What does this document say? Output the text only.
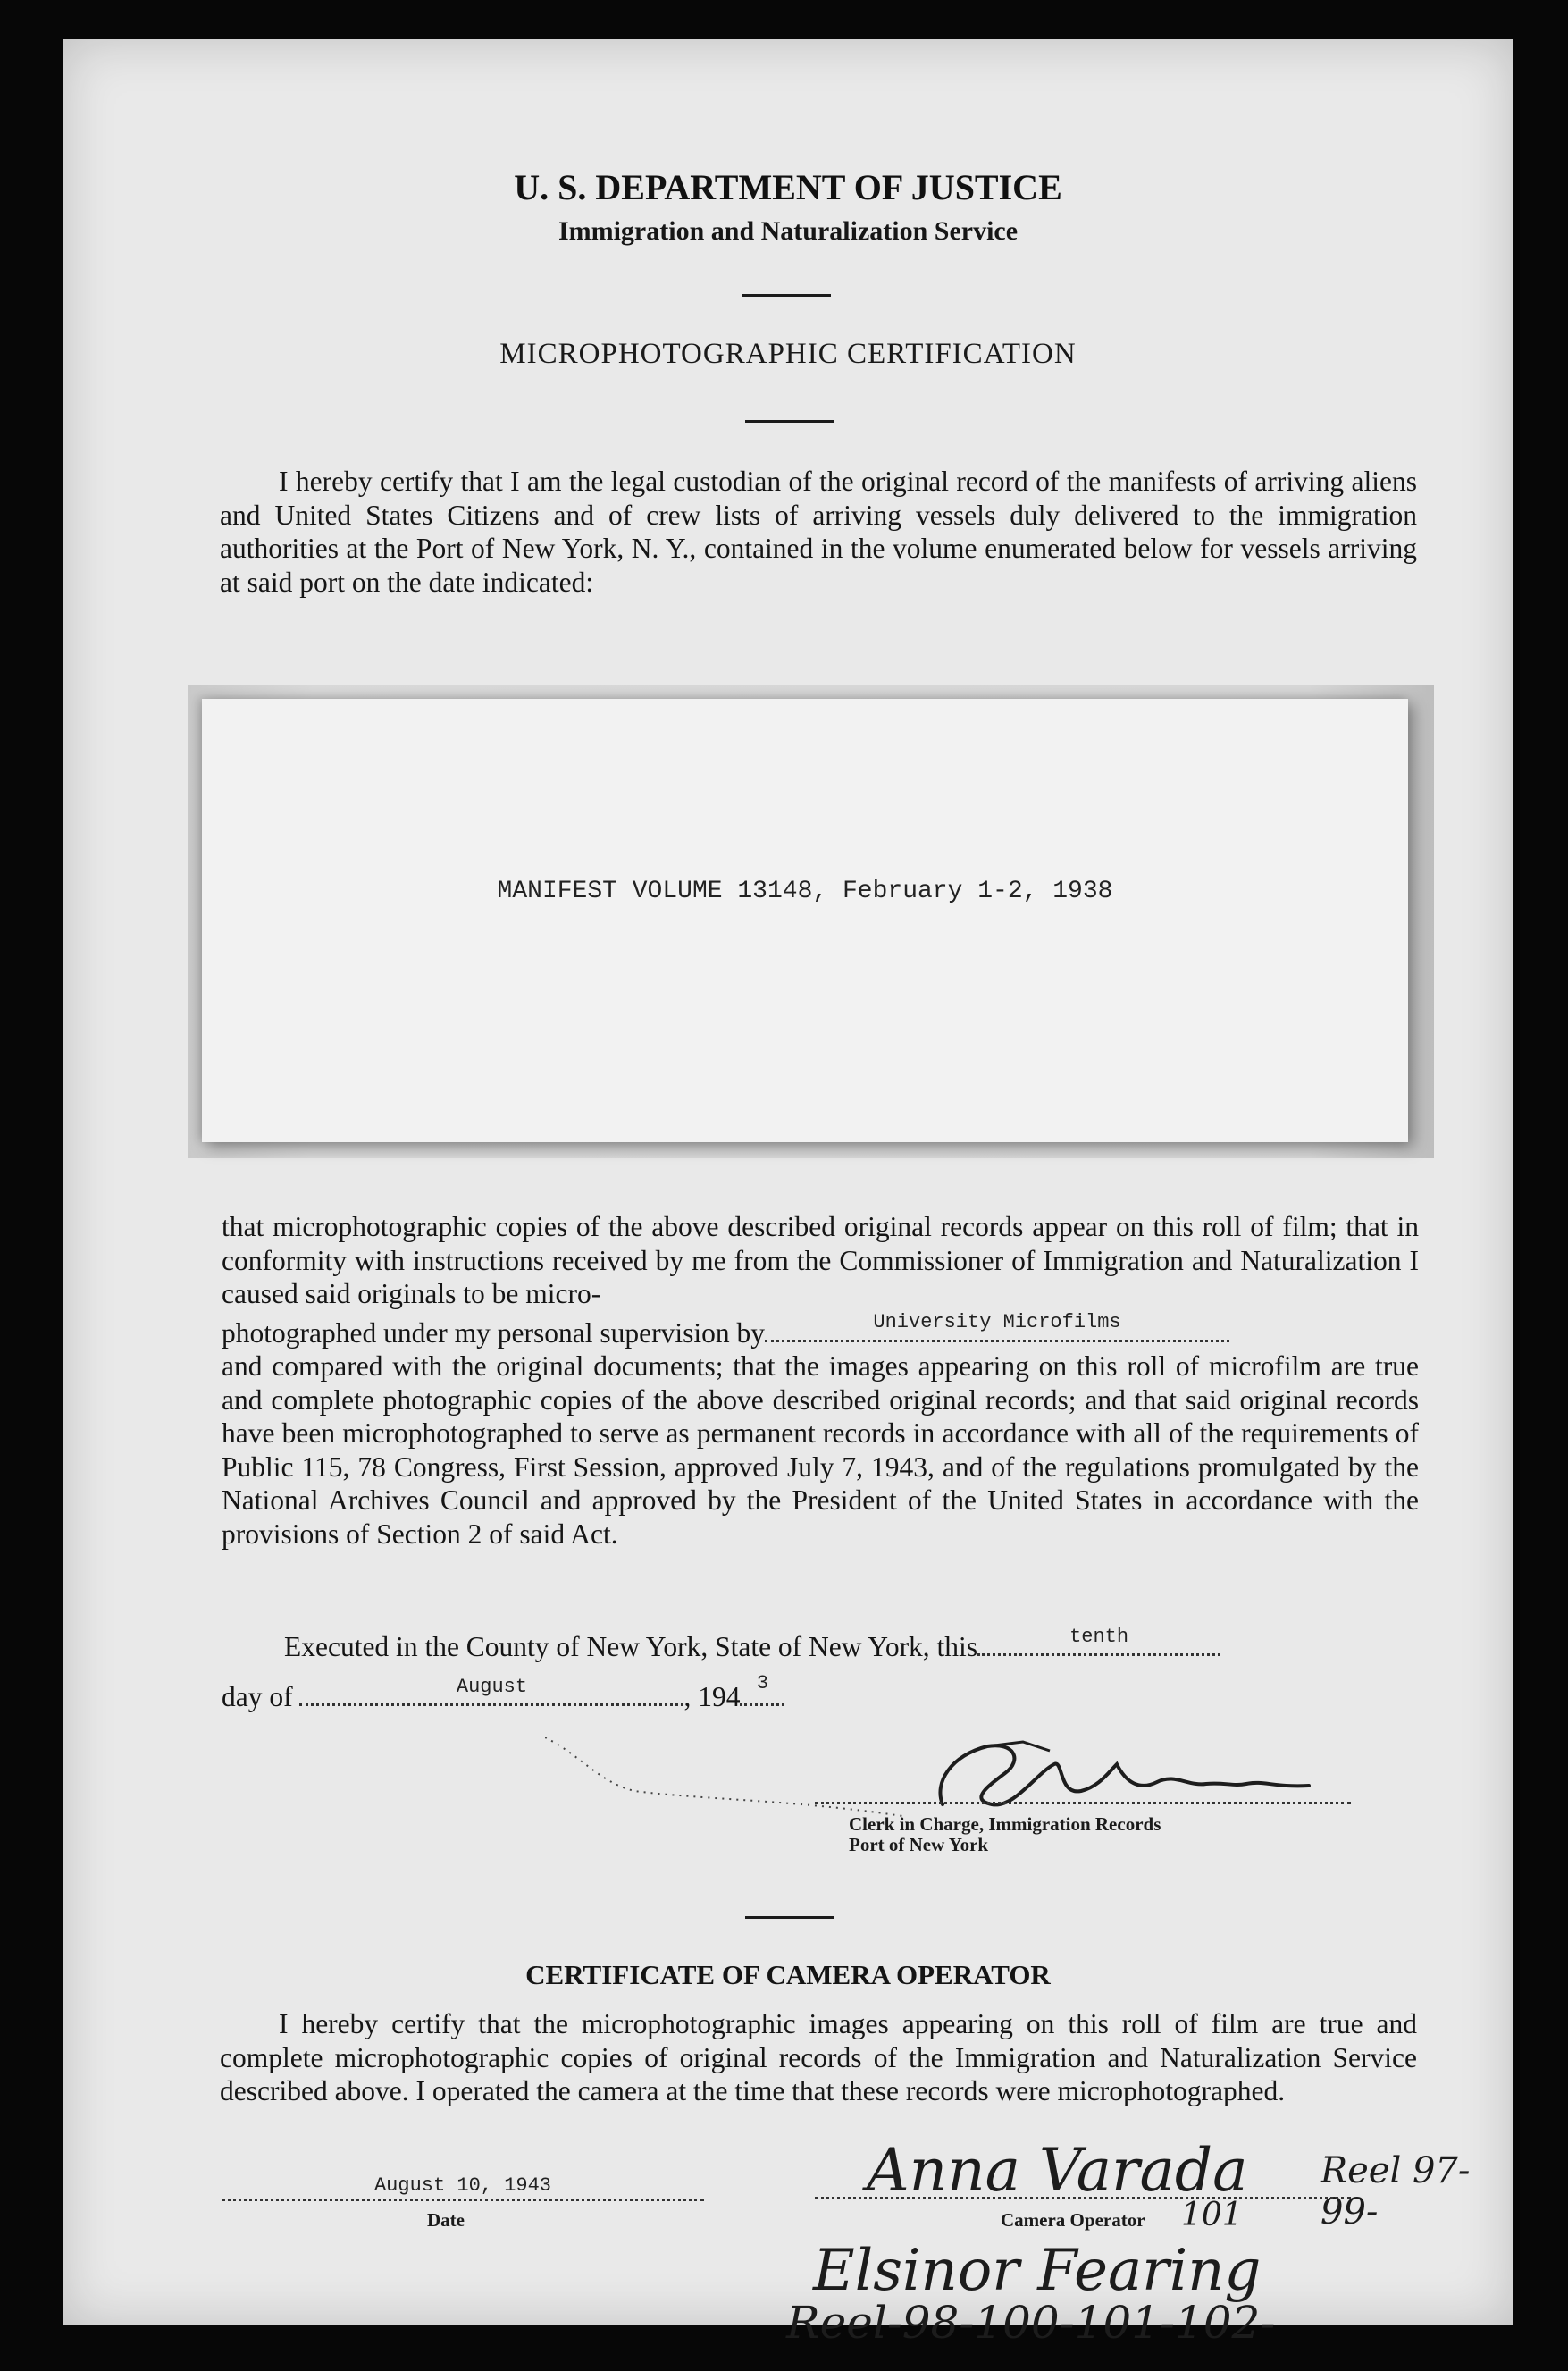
U. S. DEPARTMENT OF JUSTICE
Immigration and Naturalization Service
MICROPHOTOGRAPHIC CERTIFICATION

I hereby certify that I am the legal custodian of the original record of the manifests of arriving aliens and United States Citizens and of crew lists of arriving vessels duly delivered to the immigration authorities at the Port of New York, N. Y., contained in the volume enumerated below for vessels arriving at said port on the date indicated:

MANIFEST VOLUME 13148, February 1-2, 1938

that microphotographic copies of the above described original records appear on this roll of film; that in conformity with instructions received by me from the Commissioner of Immigration and Naturalization I caused said originals to be micro-

photographed under my personal supervision by	University Microfilms

and compared with the original documents; that the images appearing on this roll of microfilm are true and complete photographic copies of the above described original records; and that said original records have been microphotographed to serve as permanent records in accordance with all of the requirements of Public 115, 78 Congress, First Session, approved July 7, 1943, and of the regulations promulgated by the National Archives Council and approved by the President of the United States in accordance with the provisions of Section 2 of said Act.

Executed in the County of New York, State of New York, this	tenth
day of	August	, 194 3
Clerk in Charge, Immigration Records
Port of New York
CERTIFICATE OF CAMERA OPERATOR

I hereby certify that the microphotographic images appearing on this roll of film are true and complete microphotographic copies of original records of the Immigration and Naturalization Service described above. I operated the camera at the time that these records were microphotographed.

August 10, 1943
Date
Anna Varada Reel 97-99-
Camera Operator 101
Elsinor Fearing
Reel-98-100-101-102-
